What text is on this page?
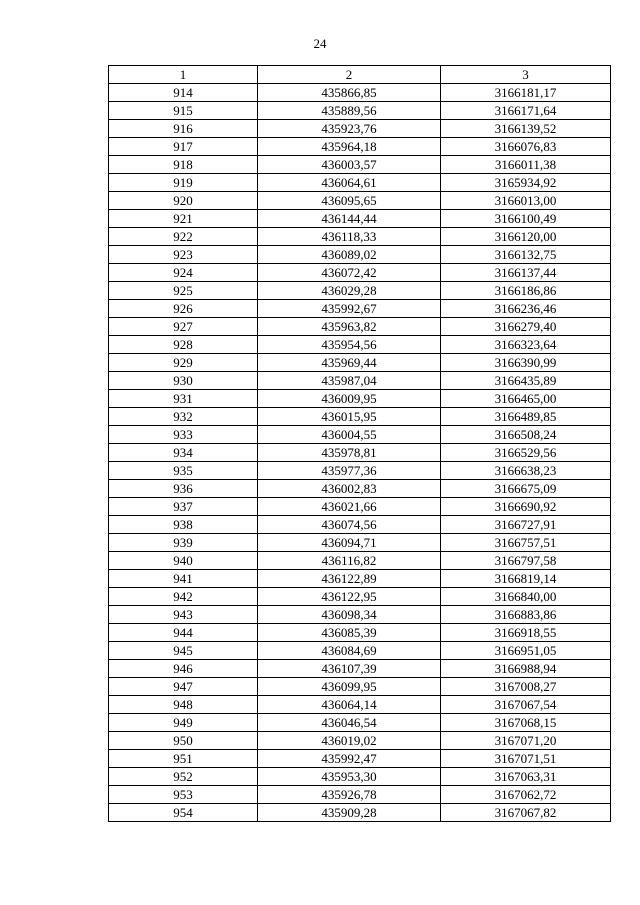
24
1	2	3
914	435866,85	3166181,17
915	435889,56	3166171,64
916	435923,76	3166139,52
917	435964,18	3166076,83
918	436003,57	3166011,38
919	436064,61	3165934,92
920	436095,65	3166013,00
921	436144,44	3166100,49
922	436118,33	3166120,00
923	436089,02	3166132,75
924	436072,42	3166137,44
925	436029,28	3166186,86
926	435992,67	3166236,46
927	435963,82	3166279,40
928	435954,56	3166323,64
929	435969,44	3166390,99
930	435987,04	3166435,89
931	436009,95	3166465,00
932	436015,95	3166489,85
933	436004,55	3166508,24
934	435978,81	3166529,56
935	435977,36	3166638,23
936	436002,83	3166675,09
937	436021,66	3166690,92
938	436074,56	3166727,91
939	436094,71	3166757,51
940	436116,82	3166797,58
941	436122,89	3166819,14
942	436122,95	3166840,00
943	436098,34	3166883,86
944	436085,39	3166918,55
945	436084,69	3166951,05
946	436107,39	3166988,94
947	436099,95	3167008,27
948	436064,14	3167067,54
949	436046,54	3167068,15
950	436019,02	3167071,20
951	435992,47	3167071,51
952	435953,30	3167063,31
953	435926,78	3167062,72
954	435909,28	3167067,82
